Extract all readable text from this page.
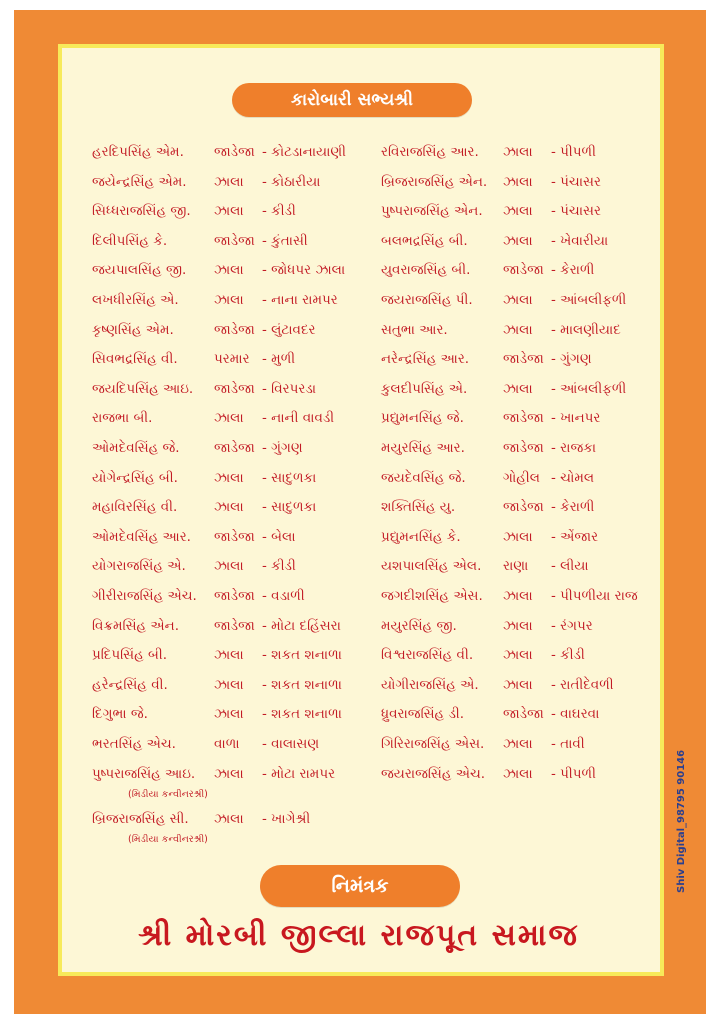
કારોબારી સભ્યશ્રી
હરદિપસિંહ એમ. જાડેજા - કોટડાનાયાણી
જયેન્દ્રસિંહ એમ. ઝાલા - કોઠારીયા
સિધ્ધરાજસિંહ જી. ઝાલા - કીડી
દિલીપસિંહ કે.	જાડેજા - કુંતાસી
જયપાલસિંહ જી. ઝાલા - જોધપર ઝાલા
લખધીરસિંહ એ.	ઝાલા - નાના રામપર
કૃષ્ણસિંહ એમ.	જાડેજા - લુંટાવદર
સિવભદ્રસિંહ વી.	પરમાર - મુળી
જયદિપસિંહ આઇ. જાડેજા - વિરપરડા
રાજભા બી.	ઝાલા - નાની વાવડી
ઓમદેવસિંહ જે.	જાડેજા - ગુંગણ
યોગેન્દ્રસિંહ બી.	ઝાલા - સાદુળકા
મહાવિરસિંહ વી.	ઝાલા - સાદુળકા
ઓમદેવસિંહ આર. જાડેજા - બેલા
યોગરાજસિંહ એ. ઝાલા - કીડી
ગીરીરાજસિંહ એચ. જાડેજા - વડાળી
વિક્રમસિંહ એન.	જાડેજા - મોટા દહિંસરા
પ્રદિપસિંહ બી.	ઝાલા - શકત શનાળા
હરેન્દ્રસિંહ વી.	ઝાલા - શકત શનાળા
દિગુભા જે.	ઝાલા - શકત શનાળા
ભરતસિંહ એચ.	વાળા - વાલાસણ
પુષ્પરાજસિંહ આઇ. ઝાલા - મોટા રામપર
બ્રિજરાજસિંહ સી. ઝાલા - ખાગેશ્રી
રવિરાજસિંહ આર. ઝાલા - પીપળી
બ્રિજરાજસિંહ એન. ઝાલા - પંચાસર
પુષ્પરાજસિંહ એન. ઝાલા - પંચાસર
બલભદ્રસિંહ બી.	ઝાલા - ખેવારીયા
યુવરાજસિંહ બી. જાડેજા - કેરાળી
જયરાજસિંહ પી. ઝાલા - આંબલીફળી
સતુભા આર.	ઝાલા - માલણીયાદ
નરેન્દ્રસિંહ આર.	જાડેજા - ગુંગણ
કુલદીપસિંહ એ.	ઝાલા - આંબલીફળી
પ્રદ્યુમનસિંહ જે.	જાડેજા - ખાનપર
મયુરસિંહ આર.	જાડેજા - રાજકા
જયદેવસિંહ જે.	ગોહીલ - ચોમલ
શક્તિસિંહ યુ.	જાડેજા - કેરાળી
પ્રદ્યુમનસિંહ કે.	ઝાલા - એંજાર
યશપાલસિંહ એલ. રાણા - લીયા
જગદીશસિંહ એસ. ઝાલા - પીપળીયા રાજ
મયુરસિંહ જી.	ઝાલા - રંગપર
વિશ્વરાજસિંહ વી. ઝાલા - કીડી
યોગીરાજસિંહ એ. ઝાલા - રાતીદેવળી
ધ્રુવરાજસિંહ ડી.	જાડેજા - વાઘરવા
ગિરિરાજસિંહ એસ. ઝાલા - તાવી
જયરાજસિંહ એચ. ઝાલા - પીપળી
(મિડીયા કન્વીનરશ્રી)
(મિડીયા કન્વીનરશ્રી)
નિમંત્રક
શ્રી મોરબી જીલ્લા રાજપૂત સમાજ
Shiv Digital_98795 90146
